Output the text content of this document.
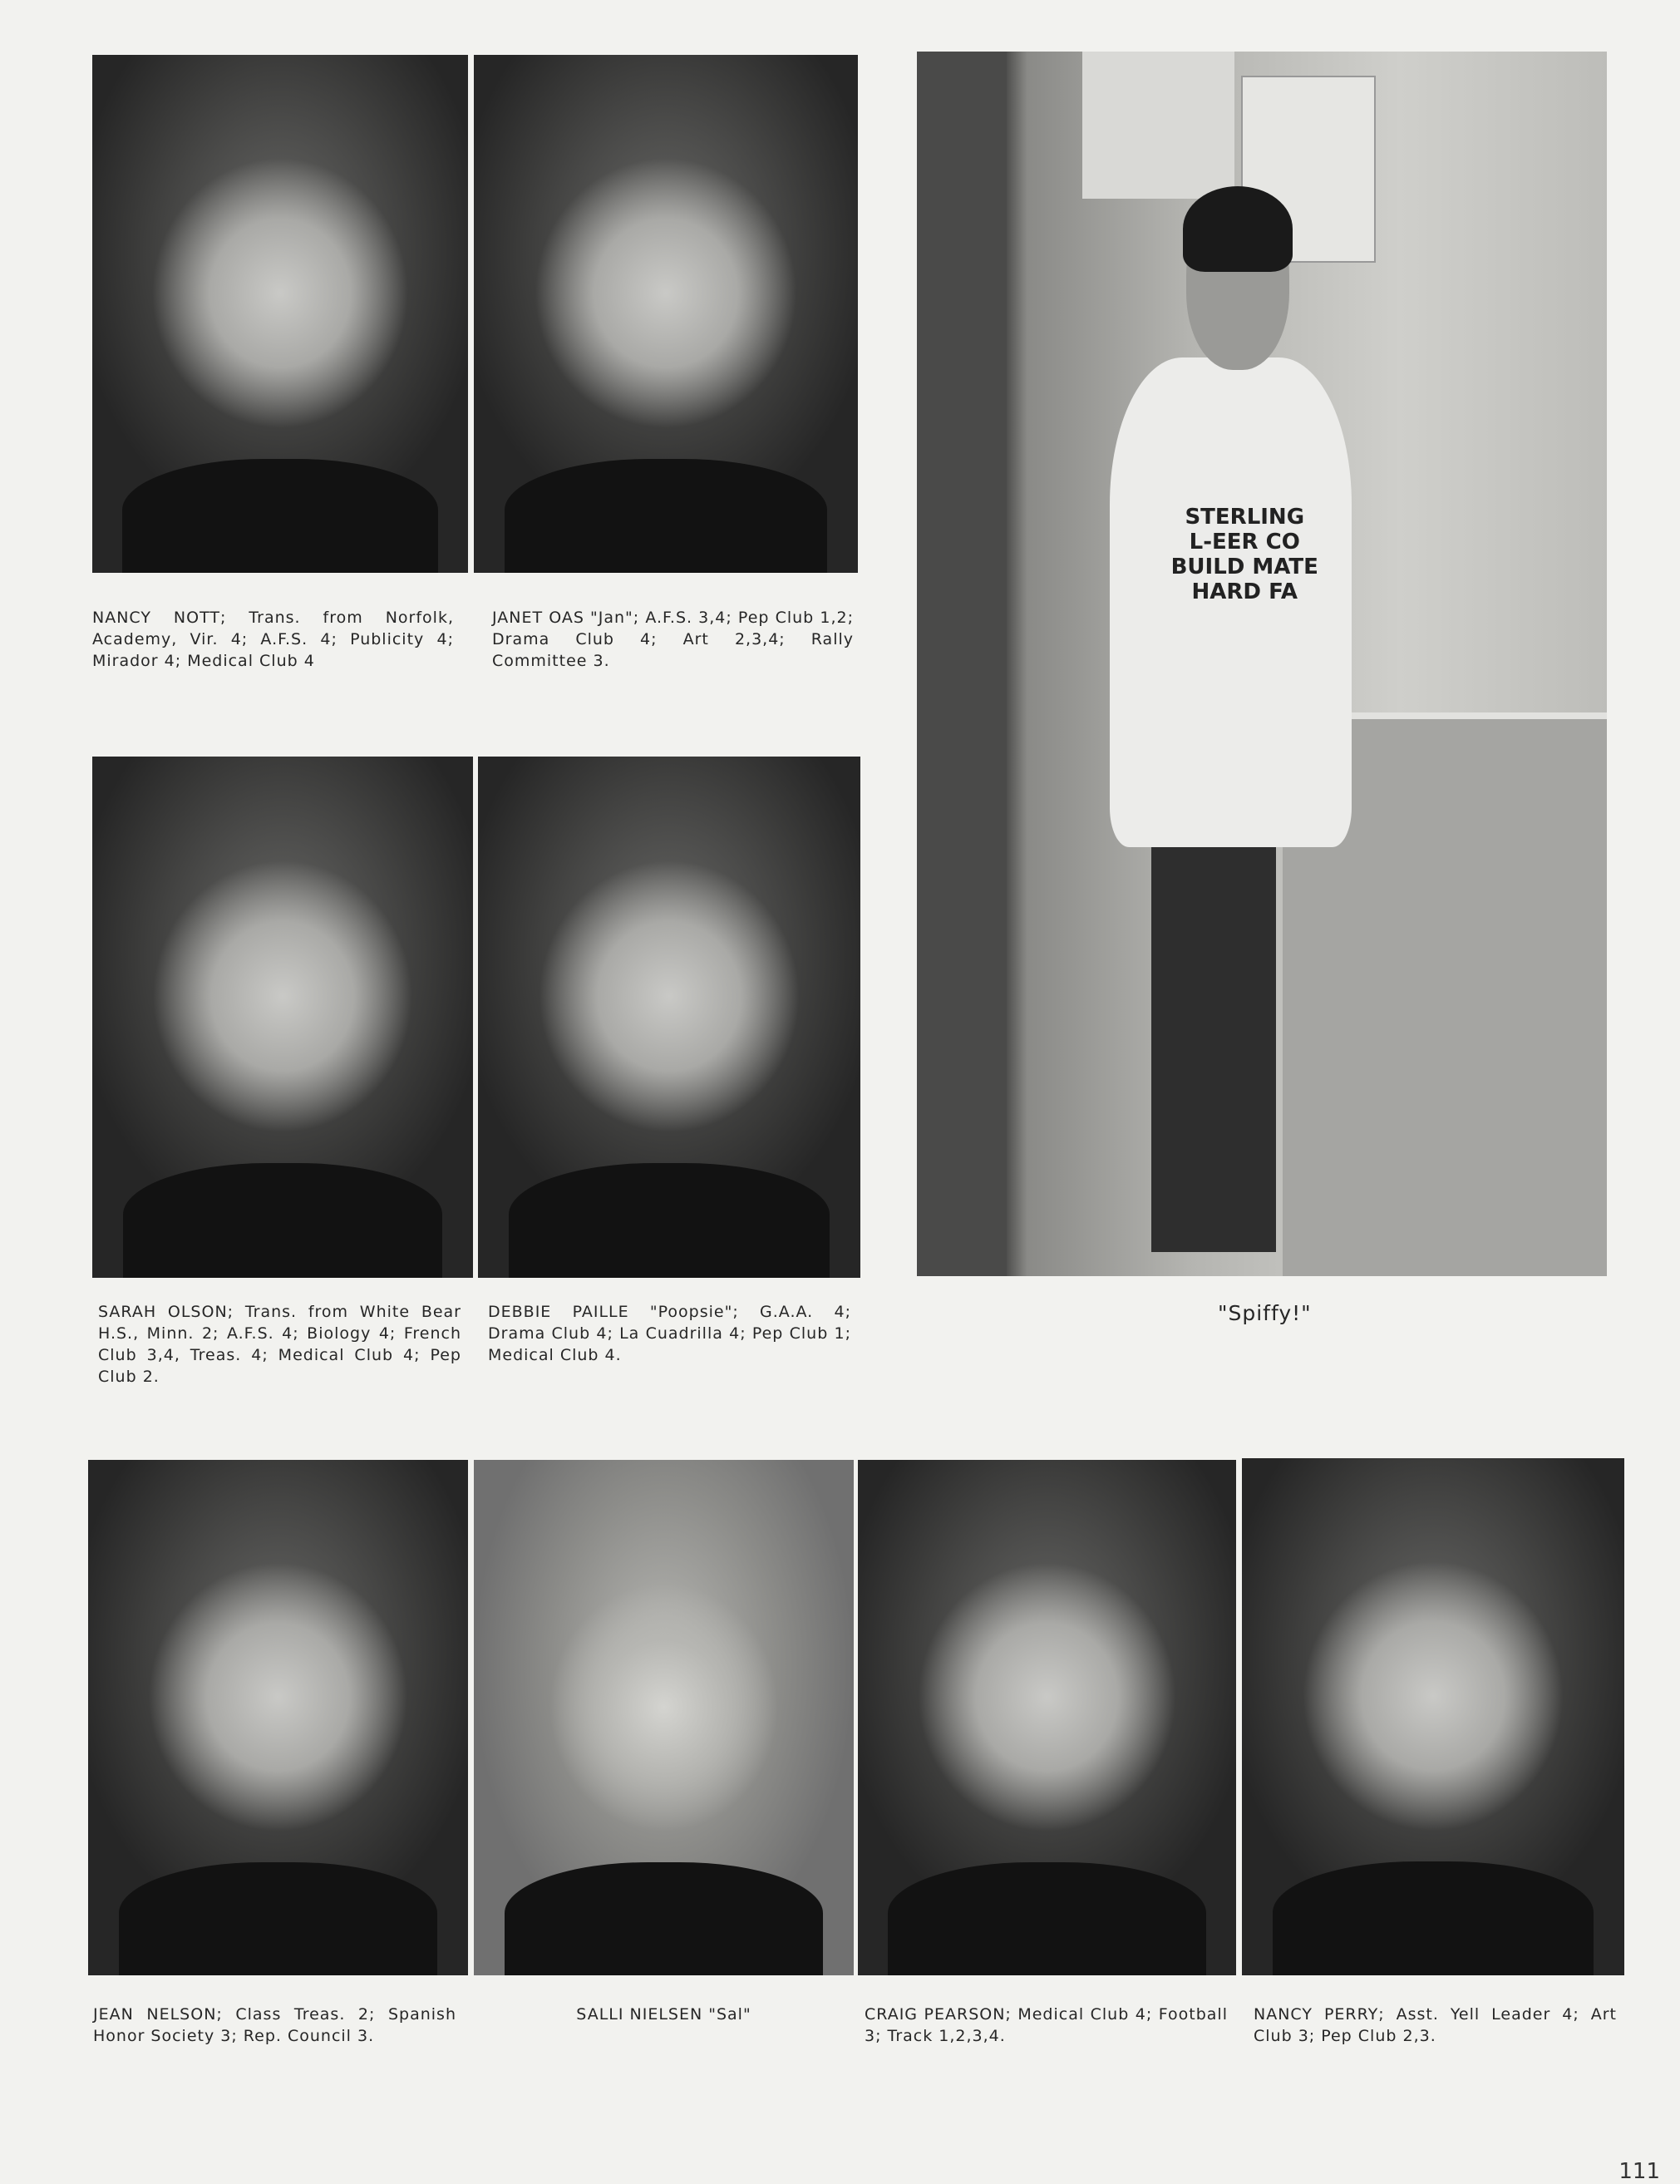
NANCY NOTT; Trans. from Norfolk, Academy, Vir. 4; A.F.S. 4; Publicity 4; Mirador 4; Medical Club 4
JANET OAS "Jan"; A.F.S. 3,4; Pep Club 1,2; Drama Club 4; Art 2,3,4; Rally Committee 3.
SARAH OLSON; Trans. from White Bear H.S., Minn. 2; A.F.S. 4; Biology 4; French Club 3,4, Treas. 4; Medical Club 4; Pep Club 2.
DEBBIE PAILLE "Poopsie"; G.A.A. 4; Drama Club 4; La Cuadrilla 4; Pep Club 1; Medical Club 4.
STERLING
L-EER CO
BUILD MATE
HARD FA
"Spiffy!"
JEAN NELSON; Class Treas. 2; Spanish Honor Society 3; Rep. Council 3.
SALLI NIELSEN "Sal"	CRAIG PEARSON; Medical Club 4; Football 3; Track 1,2,3,4.
NANCY PERRY; Asst. Yell Leader 4; Art Club 3; Pep Club 2,3.
111
